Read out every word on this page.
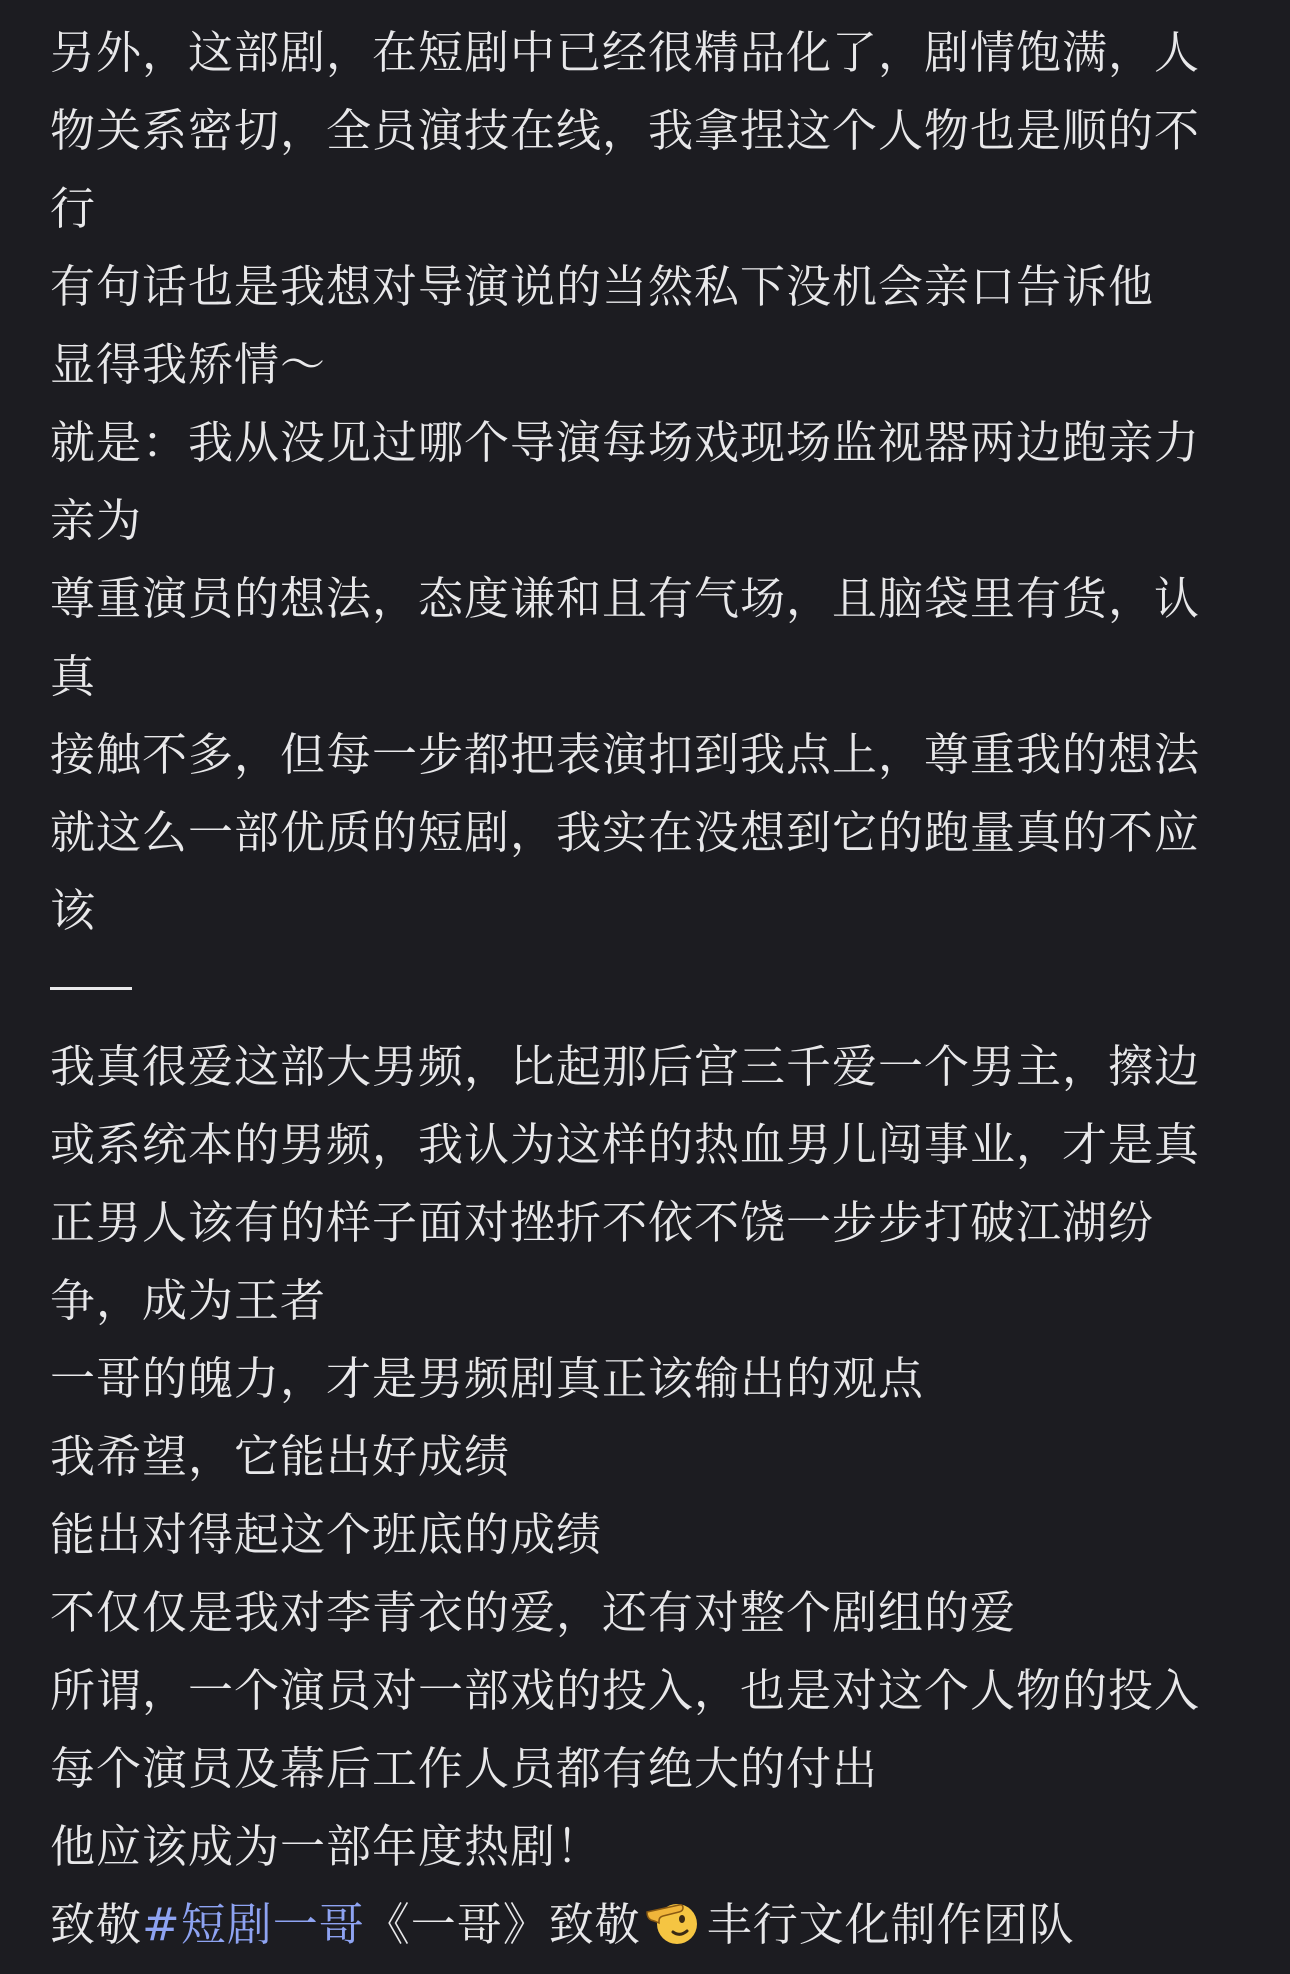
另外，这部剧，在短剧中已经很精品化了，剧情饱满，人
物关系密切，全员演技在线，我拿捏这个人物也是顺的不
行
有句话也是我想对导演说的当然私下没机会亲口告诉他
显得我矫情～
就是：我从没见过哪个导演每场戏现场监视器两边跑亲力
亲为
尊重演员的想法，态度谦和且有气场，且脑袋里有货，认
真
接触不多，但每一步都把表演扣到我点上，尊重我的想法
就这么一部优质的短剧，我实在没想到它的跑量真的不应
该
我真很爱这部大男频，比起那后宫三千爱一个男主，擦边
或系统本的男频，我认为这样的热血男儿闯事业，才是真
正男人该有的样子面对挫折不依不饶一步步打破江湖纷
争，成为王者
一哥的魄力，才是男频剧真正该输出的观点
我希望，它能出好成绩
能出对得起这个班底的成绩
不仅仅是我对李青衣的爱，还有对整个剧组的爱
所谓，一个演员对一部戏的投入，也是对这个人物的投入
每个演员及幕后工作人员都有绝大的付出
他应该成为一部年度热剧！
致敬#短剧一哥《一哥》致敬 丰行文化制作团队
